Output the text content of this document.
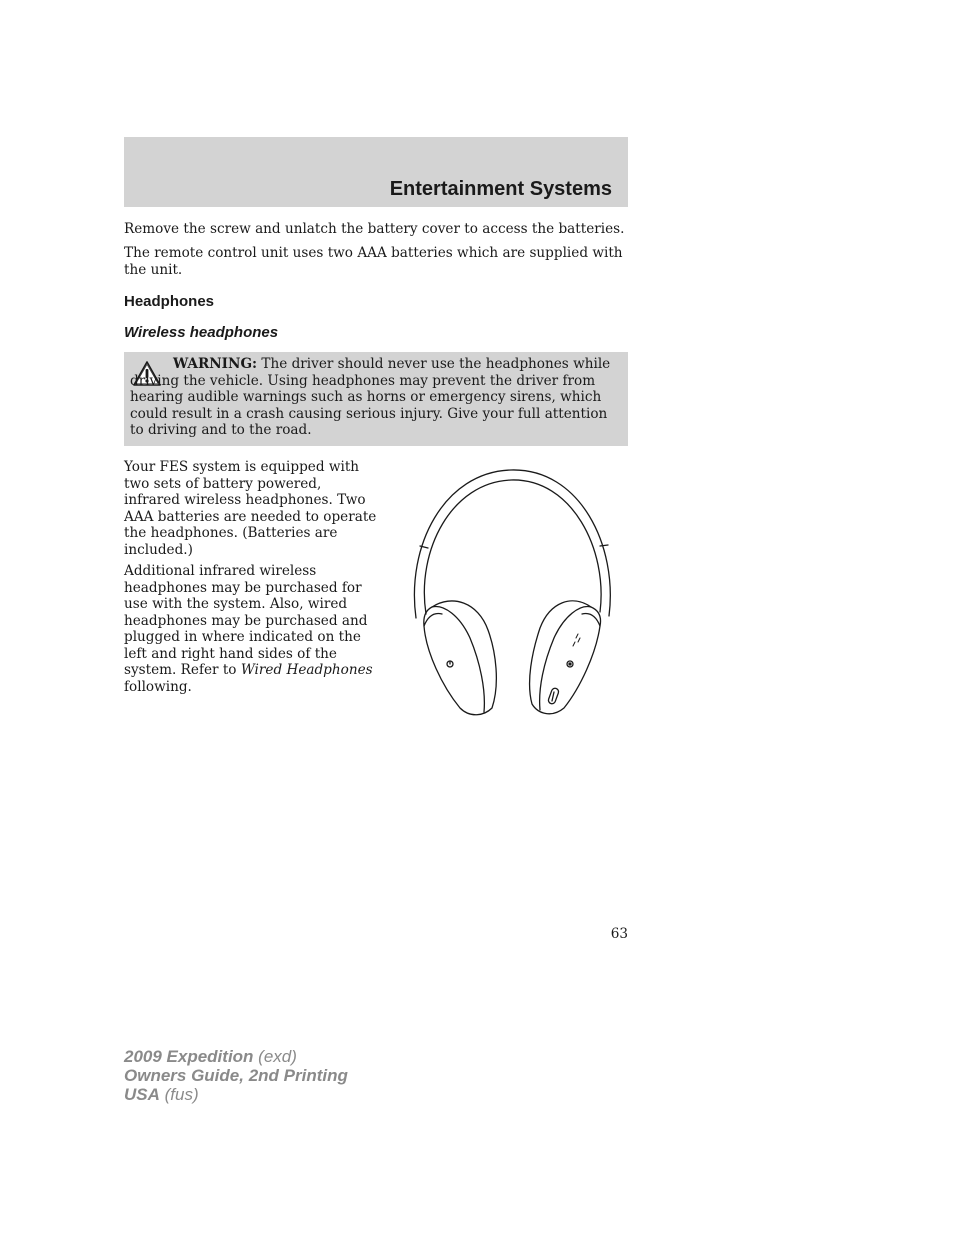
Entertainment Systems

Remove the screw and unlatch the battery cover to access the batteries.

The remote control unit uses two AAA batteries which are supplied with the unit.

Headphones
Wireless headphones

WARNING: The driver should never use the headphones while driving the vehicle. Using headphones may prevent the driver from hearing audible warnings such as horns or emergency sirens, which could result in a crash causing serious injury. Give your full attention to driving and to the road.

Your FES system is equipped with two sets of battery powered, infrared wireless headphones. Two AAA batteries are needed to operate the headphones. (Batteries are included.)

Additional infrared wireless headphones may be purchased for use with the system. Also, wired headphones may be purchased and plugged in where indicated on the left and right hand sides of the system. Refer to Wired Headphones following.

63

2009 Expedition (exd)
Owners Guide, 2nd Printing
USA (fus)
